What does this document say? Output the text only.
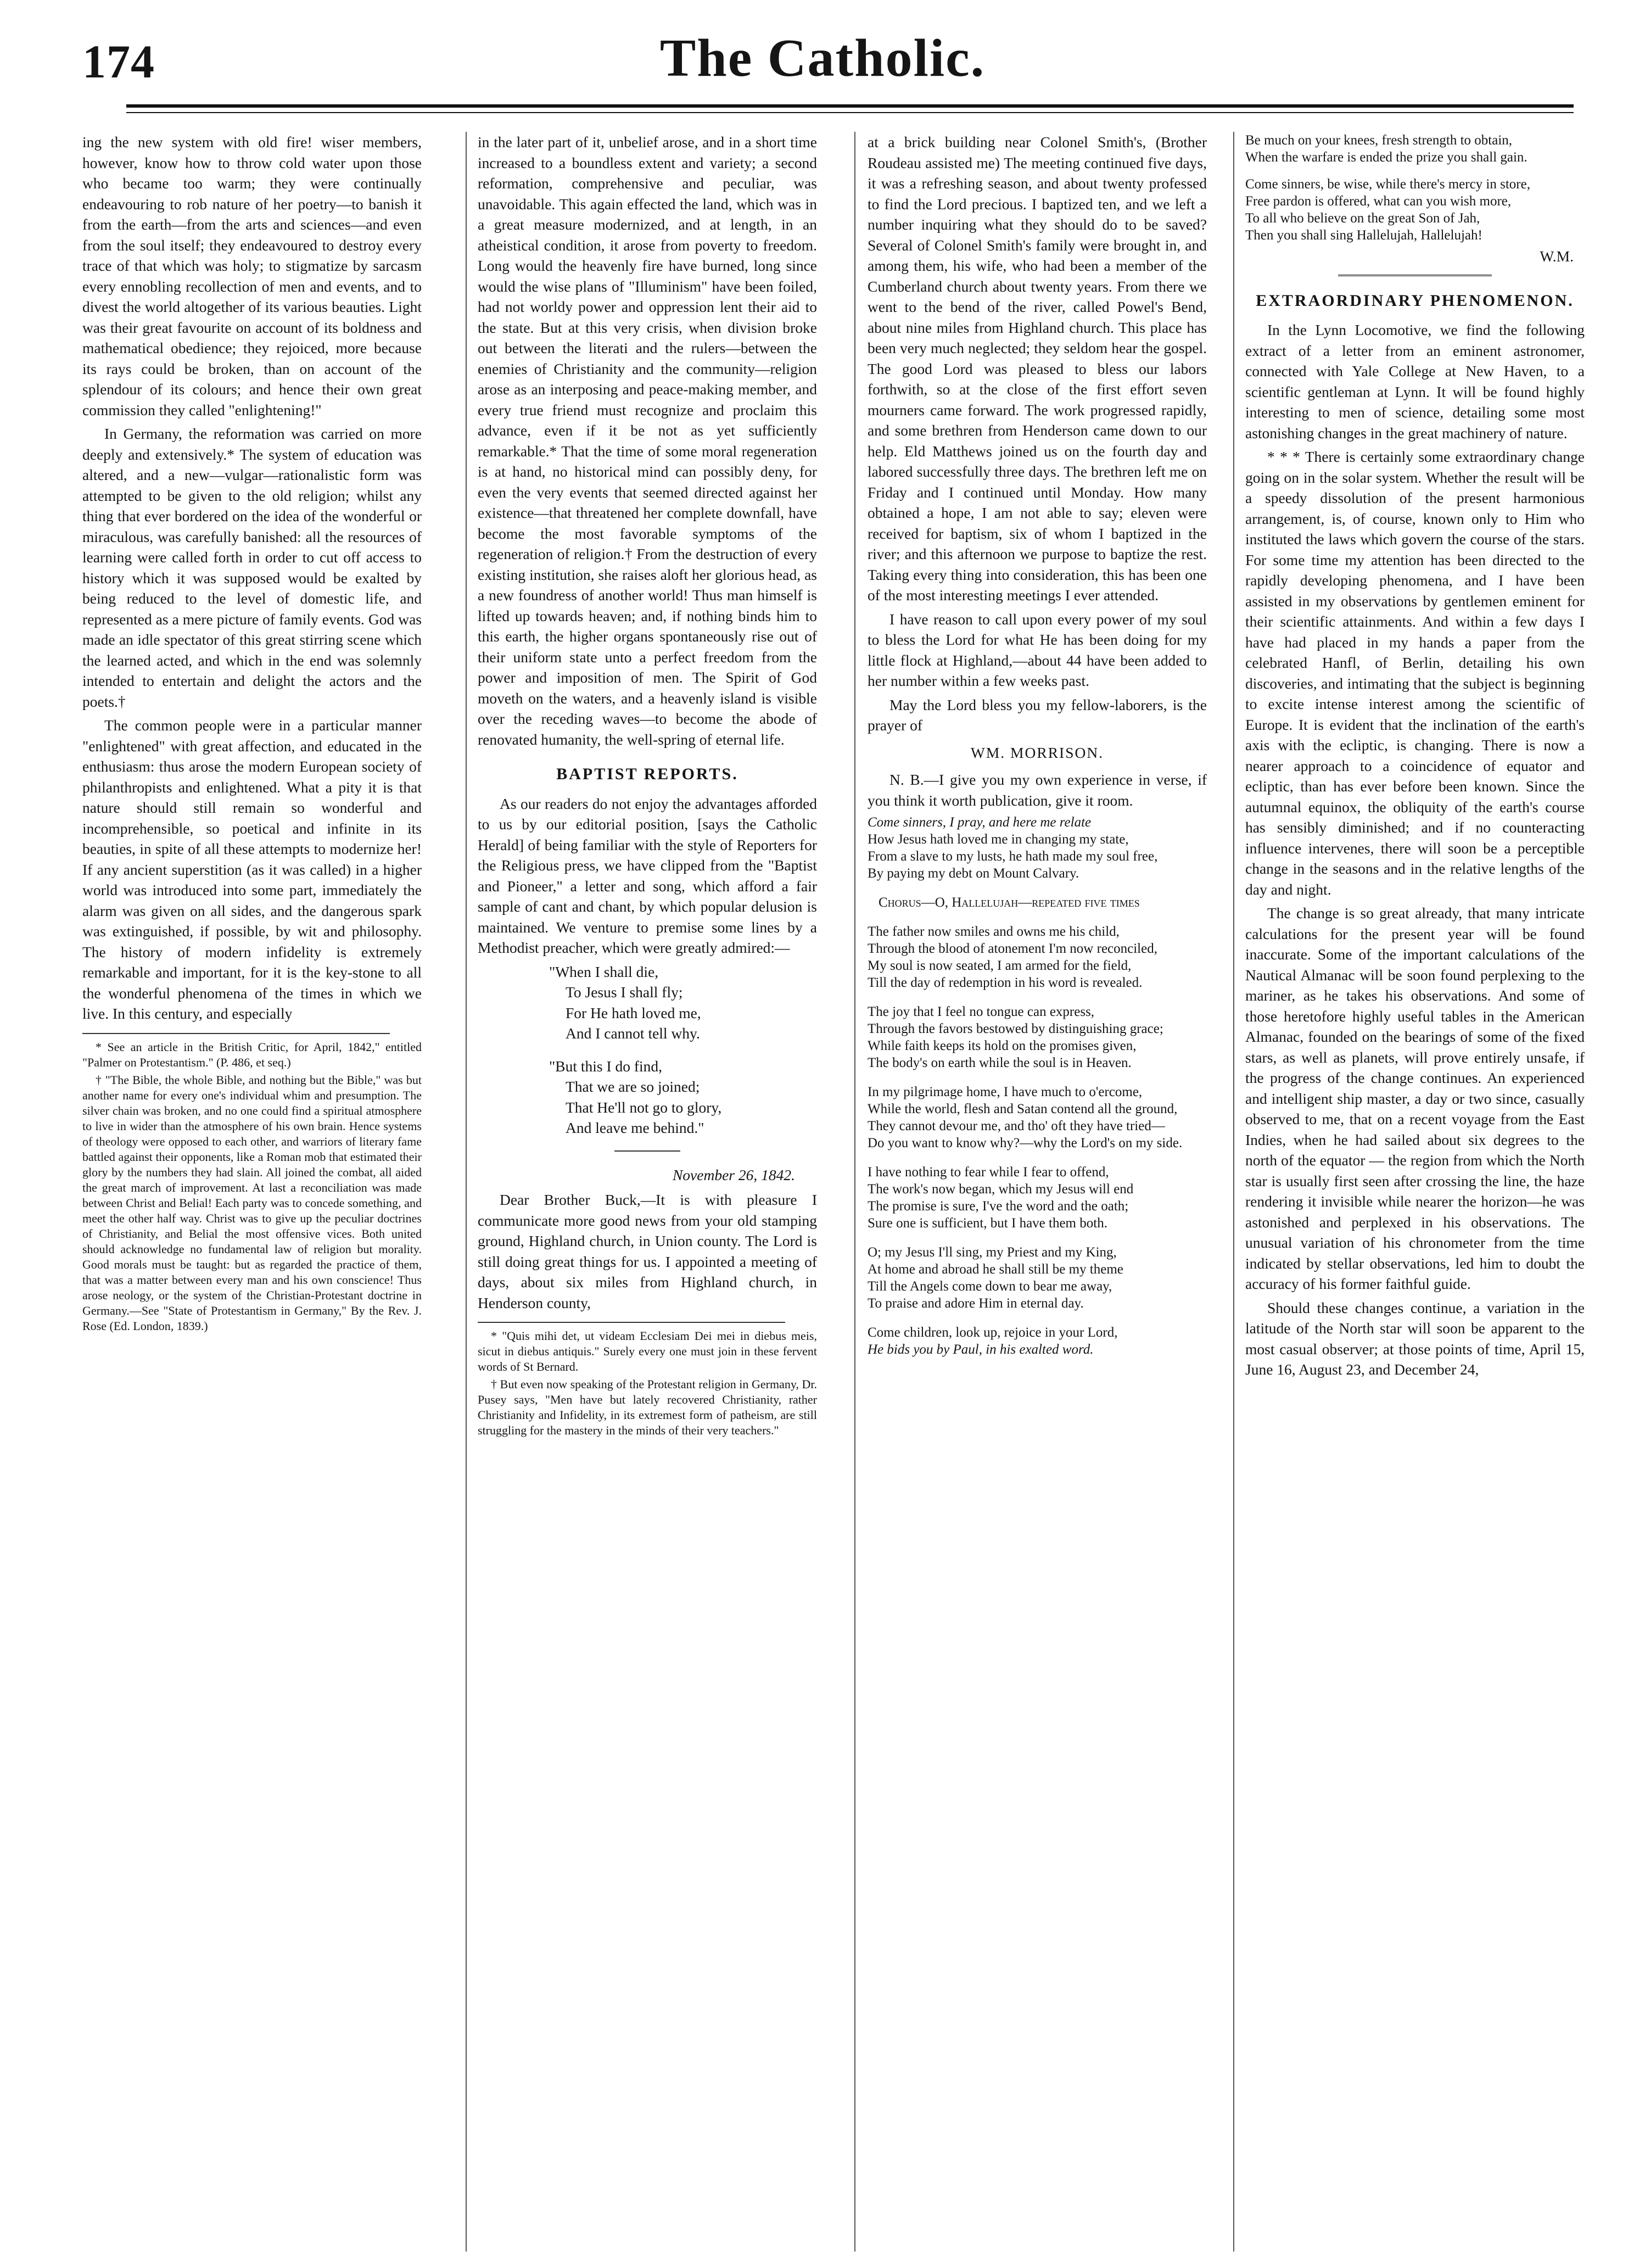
174	The Catholic.

ing the new system with old fire! wiser members, however, know how to throw cold water upon those who became too warm; they were continually endeavouring to rob nature of her poetry—to banish it from the earth—from the arts and sciences—and even from the soul itself; they endeavoured to destroy every trace of that which was holy; to stigmatize by sarcasm every ennobling recollection of men and events, and to divest the world altogether of its various beauties. Light was their great favourite on account of its boldness and mathematical obedience; they rejoiced, more because its rays could be broken, than on account of the splendour of its colours; and hence their own great commission they called "enlightening!"

In Germany, the reformation was carried on more deeply and extensively.* The system of education was altered, and a new—vulgar—rationalistic form was attempted to be given to the old religion; whilst any thing that ever bordered on the idea of the wonderful or miraculous, was carefully banished: all the resources of learning were called forth in order to cut off access to history which it was supposed would be exalted by being reduced to the level of domestic life, and represented as a mere picture of family events. God was made an idle spectator of this great stirring scene which the learned acted, and which in the end was solemnly intended to entertain and delight the actors and the poets.†

The common people were in a particular manner "enlightened" with great affection, and educated in the enthusiasm: thus arose the modern European society of philanthropists and enlightened. What a pity it is that nature should still remain so wonderful and incomprehensible, so poetical and infinite in its beauties, in spite of all these attempts to modernize her! If any ancient superstition (as it was called) in a higher world was introduced into some part, immediately the alarm was given on all sides, and the dangerous spark was extinguished, if possible, by wit and philosophy. The history of modern infidelity is extremely remarkable and important, for it is the key-stone to all the wonderful phenomena of the times in which we live. In this century, and especially

* See an article in the British Critic, for April, 1842," entitled "Palmer on Protestantism." (P. 486, et seq.)

† "The Bible, the whole Bible, and nothing but the Bible," was but another name for every one's individual whim and presumption. The silver chain was broken, and no one could find a spiritual atmosphere to live in wider than the atmosphere of his own brain. Hence systems of theology were opposed to each other, and warriors of literary fame battled against their opponents, like a Roman mob that estimated their glory by the numbers they had slain. All joined the combat, all aided the great march of improvement. At last a reconciliation was made between Christ and Belial! Each party was to concede something, and meet the other half way. Christ was to give up the peculiar doctrines of Christianity, and Belial the most offensive vices. Both united should acknowledge no fundamental law of religion but morality. Good morals must be taught: but as regarded the practice of them, that was a matter between every man and his own conscience! Thus arose neology, or the system of the Christian-Protestant doctrine in Germany.—See "State of Protestantism in Germany," By the Rev. J. Rose (Ed. London, 1839.)

in the later part of it, unbelief arose, and in a short time increased to a boundless extent and variety; a second reformation, comprehensive and peculiar, was unavoidable. This again effected the land, which was in a great measure modernized, and at length, in an atheistical condition, it arose from poverty to freedom. Long would the heavenly fire have burned, long since would the wise plans of "Illuminism" have been foiled, had not worldy power and oppression lent their aid to the state. But at this very crisis, when division broke out between the literati and the rulers—between the enemies of Christianity and the community—religion arose as an interposing and peace-making member, and every true friend must recognize and proclaim this advance, even if it be not as yet sufficiently remarkable.* That the time of some moral regeneration is at hand, no historical mind can possibly deny, for even the very events that seemed directed against her existence—that threatened her complete downfall, have become the most favorable symptoms of the regeneration of religion.† From the destruction of every existing institution, she raises aloft her glorious head, as a new foundress of another world! Thus man himself is lifted up towards heaven; and, if nothing binds him to this earth, the higher organs spontaneously rise out of their uniform state unto a perfect freedom from the power and imposition of men. The Spirit of God moveth on the waters, and a heavenly island is visible over the receding waves—to become the abode of renovated humanity, the well-spring of eternal life.

BAPTIST REPORTS.

As our readers do not enjoy the advantages afforded to us by our editorial position, [says the Catholic Herald] of being familiar with the style of Reporters for the Religious press, we have clipped from the "Baptist and Pioneer," a letter and song, which afford a fair sample of cant and chant, by which popular delusion is maintained. We venture to premise some lines by a Methodist preacher, which were greatly admired:—

"When I shall die,

To Jesus I shall fly;

For He hath loved me,

And I cannot tell why.

"But this I do find,

That we are so joined;

That He'll not go to glory,

And leave me behind."

November 26, 1842.

Dear Brother Buck,—It is with pleasure I communicate more good news from your old stamping ground, Highland church, in Union county. The Lord is still doing great things for us. I appointed a meeting of days, about six miles from Highland church, in Henderson county,

* "Quis mihi det, ut videam Ecclesiam Dei mei in diebus meis, sicut in diebus antiquis." Surely every one must join in these fervent words of St Bernard.

† But even now speaking of the Protestant religion in Germany, Dr. Pusey says, "Men have but lately recovered Christianity, rather Christianity and Infidelity, in its extremest form of patheism, are still struggling for the mastery in the minds of their very teachers."

at a brick building near Colonel Smith's, (Brother Roudeau assisted me) The meeting continued five days, it was a refreshing season, and about twenty professed to find the Lord precious. I baptized ten, and we left a number inquiring what they should do to be saved? Several of Colonel Smith's family were brought in, and among them, his wife, who had been a member of the Cumberland church about twenty years. From there we went to the bend of the river, called Powel's Bend, about nine miles from Highland church. This place has been very much neglected; they seldom hear the gospel. The good Lord was pleased to bless our labors forthwith, so at the close of the first effort seven mourners came forward. The work progressed rapidly, and some brethren from Henderson came down to our help. Eld Matthews joined us on the fourth day and labored successfully three days. The brethren left me on Friday and I continued until Monday. How many obtained a hope, I am not able to say; eleven were received for baptism, six of whom I baptized in the river; and this afternoon we purpose to baptize the rest. Taking every thing into consideration, this has been one of the most interesting meetings I ever attended.

I have reason to call upon every power of my soul to bless the Lord for what He has been doing for my little flock at Highland,—about 44 have been added to her number within a few weeks past.

May the Lord bless you my fellow-laborers, is the prayer of

WM. MORRISON.

N. B.—I give you my own experience in verse, if you think it worth publication, give it room.

Come sinners, I pray, and here me relate

How Jesus hath loved me in changing my state,

From a slave to my lusts, he hath made my soul free,

By paying my debt on Mount Calvary.

Chorus—O, Hallelujah—repeated five times

The father now smiles and owns me his child,

Through the blood of atonement I'm now reconciled,

My soul is now seated, I am armed for the field,

Till the day of redemption in his word is revealed.

The joy that I feel no tongue can express,

Through the favors bestowed by distinguishing grace;

While faith keeps its hold on the promises given,

The body's on earth while the soul is in Heaven.

In my pilgrimage home, I have much to o'ercome,

While the world, flesh and Satan contend all the ground,

They cannot devour me, and tho' oft they have tried—

Do you want to know why?—why the Lord's on my side.

I have nothing to fear while I fear to offend,

The work's now began, which my Jesus will end

The promise is sure, I've the word and the oath;

Sure one is sufficient, but I have them both.

O; my Jesus I'll sing, my Priest and my King,

At home and abroad he shall still be my theme

Till the Angels come down to bear me away,

To praise and adore Him in eternal day.

Come children, look up, rejoice in your Lord,

He bids you by Paul, in his exalted word.

Be much on your knees, fresh strength to obtain,

When the warfare is ended the prize you shall gain.

Come sinners, be wise, while there's mercy in store,

Free pardon is offered, what can you wish more,

To all who believe on the great Son of Jah,

Then you shall sing Hallelujah, Hallelujah!

W.M.

EXTRAORDINARY PHENOMENON.

In the Lynn Locomotive, we find the following extract of a letter from an eminent astronomer, connected with Yale College at New Haven, to a scientific gentleman at Lynn. It will be found highly interesting to men of science, detailing some most astonishing changes in the great machinery of nature.

* * * There is certainly some extraordinary change going on in the solar system. Whether the result will be a speedy dissolution of the present harmonious arrangement, is, of course, known only to Him who instituted the laws which govern the course of the stars. For some time my attention has been directed to the rapidly developing phenomena, and I have been assisted in my observations by gentlemen eminent for their scientific attainments. And within a few days I have had placed in my hands a paper from the celebrated Hanfl, of Berlin, detailing his own discoveries, and intimating that the subject is beginning to excite intense interest among the scientific of Europe. It is evident that the inclination of the earth's axis with the ecliptic, is changing. There is now a nearer approach to a coincidence of equator and ecliptic, than has ever before been known. Since the autumnal equinox, the obliquity of the earth's course has sensibly diminished; and if no counteracting influence intervenes, there will soon be a perceptible change in the seasons and in the relative lengths of the day and night.

The change is so great already, that many intricate calculations for the present year will be found inaccurate. Some of the important calculations of the Nautical Almanac will be soon found perplexing to the mariner, as he takes his observations. And some of those heretofore highly useful tables in the American Almanac, founded on the bearings of some of the fixed stars, as well as planets, will prove entirely unsafe, if the progress of the change continues. An experienced and intelligent ship master, a day or two since, casually observed to me, that on a recent voyage from the East Indies, when he had sailed about six degrees to the north of the equator — the region from which the North star is usually first seen after crossing the line, the haze rendering it invisible while nearer the horizon—he was astonished and perplexed in his observations. The unusual variation of his chronometer from the time indicated by stellar observations, led him to doubt the accuracy of his former faithful guide.

Should these changes continue, a variation in the latitude of the North star will soon be apparent to the most casual observer; at those points of time, April 15, June 16, August 23, and December 24,
